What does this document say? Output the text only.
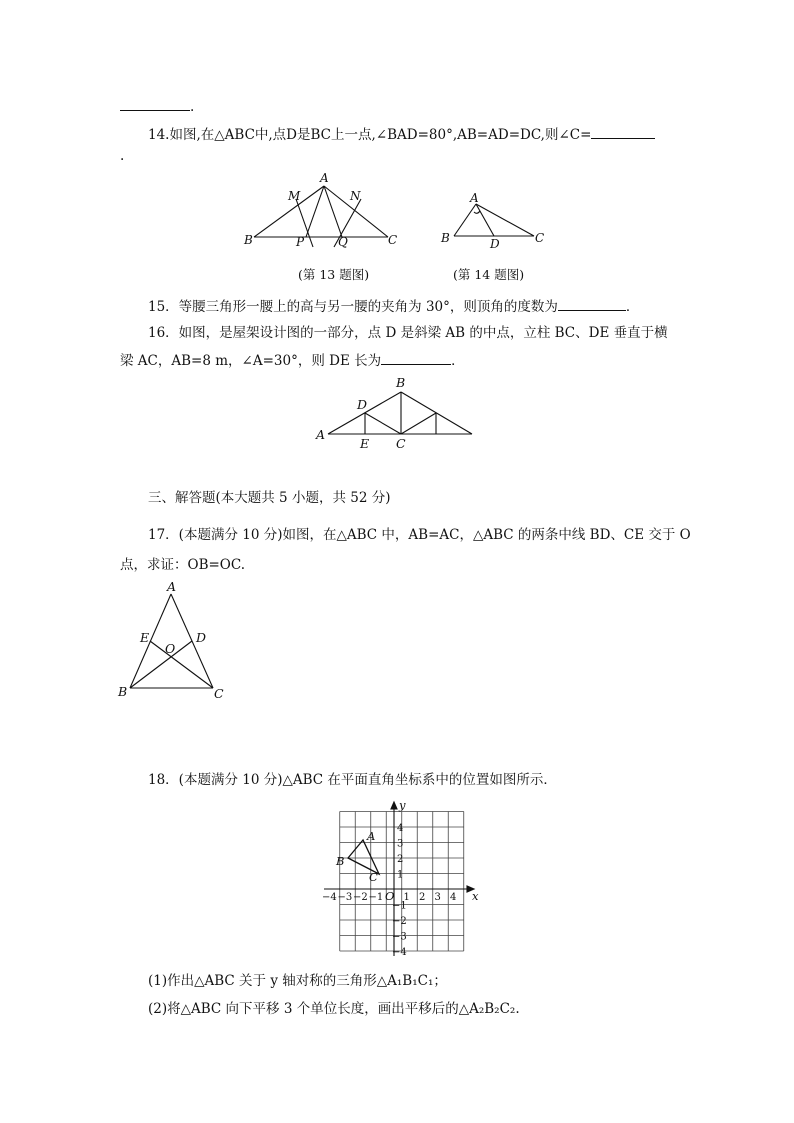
.
14.如图,在△ABC中,点D是BC上一点,∠BAD=80°,AB=AD=DC,则∠C=
.
A
B	C
M	N
P	Q
A
B	C
D
(第 13 题图)	(第 14 题图)
15．等腰三角形一腰上的高与另一腰的夹角为 30°，则顶角的度数为	．
16．如图，是屋架设计图的一部分，点 D 是斜梁 AB 的中点，立柱 BC、DE 垂直于横
梁 AC，AB=8 m，∠A=30°，则 DE 长为	．
A
B
C
D
E
三、解答题(本大题共 5 小题，共 52 分)
17．(本题满分 10 分)如图，在△ABC 中，AB=AC，△ABC 的两条中线 BD、CE 交于 O
点，求证：OB=OC.
A
B	C
D
E
O
18．(本题满分 10 分)△ABC 在平面直角坐标系中的位置如图所示．
−4 −3 −2 −1 1 2 3 4
4
3
2
1
−1
−2
−3
−4
x
y
O
A
B
C
(1)作出△ABC 关于 y 轴对称的三角形△A₁B₁C₁；
(2)将△ABC 向下平移 3 个单位长度，画出平移后的△A₂B₂C₂.
